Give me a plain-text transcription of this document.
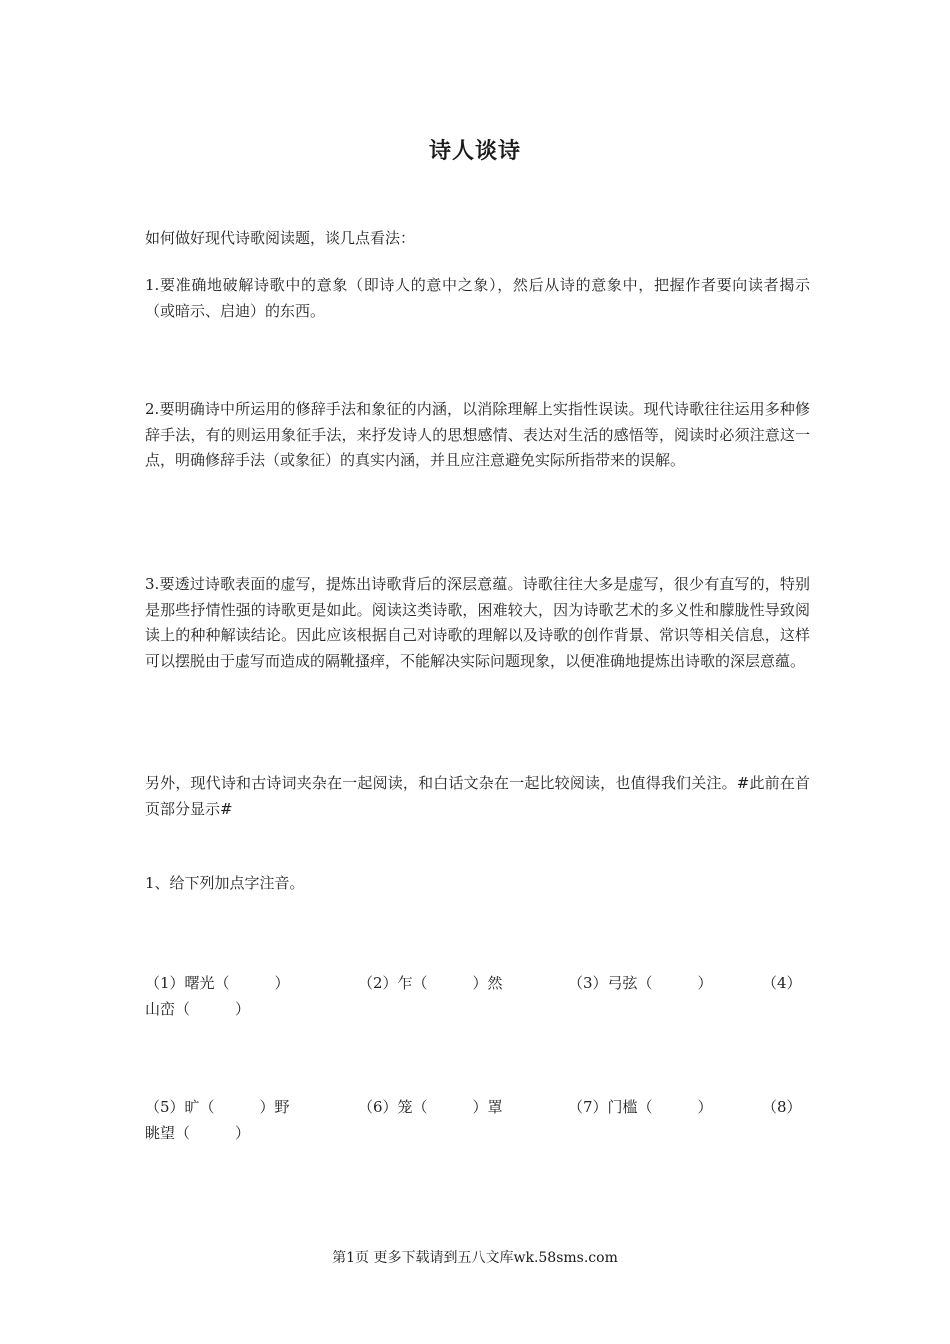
诗人谈诗
如何做好现代诗歌阅读题，谈几点看法：
1.要准确地破解诗歌中的意象（即诗人的意中之象），然后从诗的意象中，把握作者要向读者揭示（或暗示、启迪）的东西。
2.要明确诗中所运用的修辞手法和象征的内涵，以消除理解上实指性误读。现代诗歌往往运用多种修辞手法，有的则运用象征手法，来抒发诗人的思想感情、表达对生活的感悟等，阅读时必须注意这一点，明确修辞手法（或象征）的真实内涵，并且应注意避免实际所指带来的误解。
3.要透过诗歌表面的虚写，提炼出诗歌背后的深层意蕴。诗歌往往大多是虚写，很少有直写的，特别是那些抒情性强的诗歌更是如此。阅读这类诗歌，困难较大，因为诗歌艺术的多义性和朦胧性导致阅读上的种种解读结论。因此应该根据自己对诗歌的理解以及诗歌的创作背景、常识等相关信息，这样可以摆脱由于虚写而造成的隔靴搔痒，不能解决实际问题现象，以便准确地提炼出诗歌的深层意蕴。
另外，现代诗和古诗词夹杂在一起阅读，和白话文杂在一起比较阅读，也值得我们关注。#此前在首页部分显示#
1、给下列加点字注音。
（1）曙光（　　　）	（2）乍（　　　）然	（3）弓弦（　　　）	（4）
山峦（　　　）
（5）旷（　　　）野	（6）笼（　　　）罩	（7）门槛（　　　）	（8）
眺望（　　　）
第1页 更多下载请到五八文库wk.58sms.com
